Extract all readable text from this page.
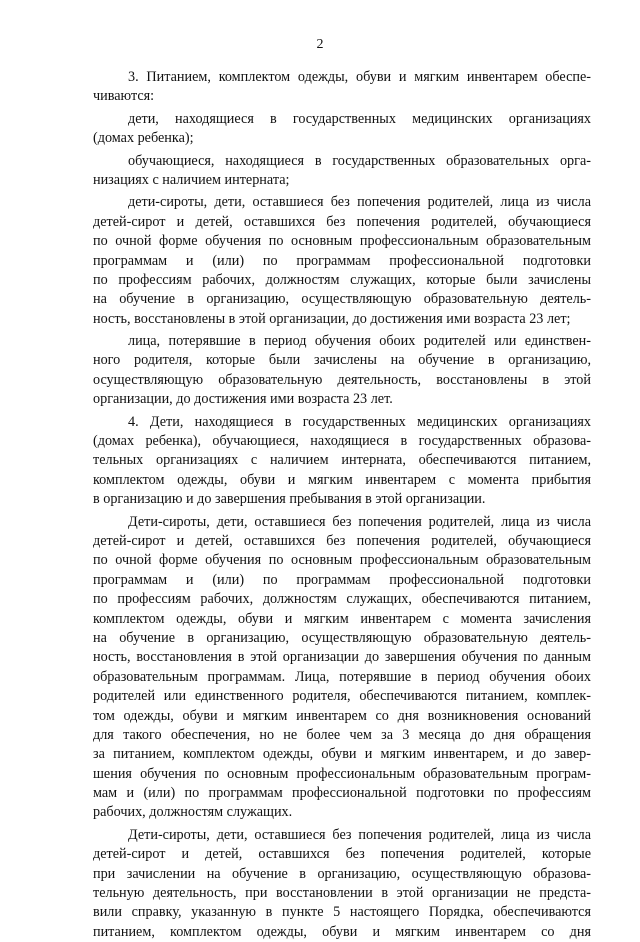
2
3. Питанием, комплектом одежды, обуви и мягким инвентарем обеспе-
чиваются:
дети, находящиеся в государственных медицинских организациях
(домах ребенка);
обучающиеся, находящиеся в государственных образовательных орга-
низациях с наличием интерната;
дети-сироты, дети, оставшиеся без попечения родителей, лица из числа
детей-сирот и детей, оставшихся без попечения родителей, обучающиеся
по очной форме обучения по основным профессиональным образовательным
программам и (или) по программам профессиональной подготовки
по профессиям рабочих, должностям служащих, которые были зачислены
на обучение в организацию, осуществляющую образовательную деятель-
ность, восстановлены в этой организации, до достижения ими возраста 23 лет;
лица, потерявшие в период обучения обоих родителей или единствен-
ного родителя, которые были зачислены на обучение в организацию,
осуществляющую образовательную деятельность, восстановлены в этой
организации, до достижения ими возраста 23 лет.
4. Дети, находящиеся в государственных медицинских организациях
(домах ребенка), обучающиеся, находящиеся в государственных образова-
тельных организациях с наличием интерната, обеспечиваются питанием,
комплектом одежды, обуви и мягким инвентарем с момента прибытия
в организацию и до завершения пребывания в этой организации.
Дети-сироты, дети, оставшиеся без попечения родителей, лица из числа
детей-сирот и детей, оставшихся без попечения родителей, обучающиеся
по очной форме обучения по основным профессиональным образовательным
программам и (или) по программам профессиональной подготовки
по профессиям рабочих, должностям служащих, обеспечиваются питанием,
комплектом одежды, обуви и мягким инвентарем с момента зачисления
на обучение в организацию, осуществляющую образовательную деятель-
ность, восстановления в этой организации до завершения обучения по данным
образовательным программам. Лица, потерявшие в период обучения обоих
родителей или единственного родителя, обеспечиваются питанием, комплек-
том одежды, обуви и мягким инвентарем со дня возникновения оснований
для такого обеспечения, но не более чем за 3 месяца до дня обращения
за питанием, комплектом одежды, обуви и мягким инвентарем, и до завер-
шения обучения по основным профессиональным образовательным програм-
мам и (или) по программам профессиональной подготовки по профессиям
рабочих, должностям служащих.
Дети-сироты, дети, оставшиеся без попечения родителей, лица из числа
детей-сирот и детей, оставшихся без попечения родителей, которые
при зачислении на обучение в организацию, осуществляющую образова-
тельную деятельность, при восстановлении в этой организации не предста-
вили справку, указанную в пункте 5 настоящего Порядка, обеспечиваются
питанием, комплектом одежды, обуви и мягким инвентарем со дня
